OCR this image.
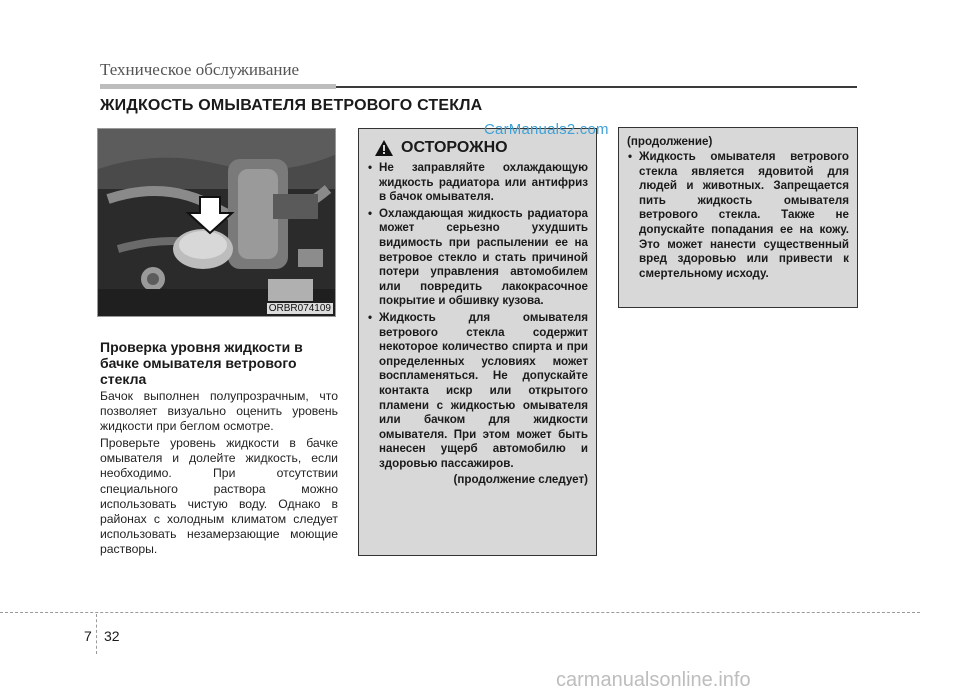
Техническое обслуживание
ЖИДКОСТЬ ОМЫВАТЕЛЯ ВЕТРОВОГО СТЕКЛА
ORBR074109
Проверка уровня жидкости в бачке омывателя ветрового стекла
Бачок выполнен полупрозрачным, что позволяет визуально оценить уровень жидкости при беглом осмотре.
Проверьте уровень жидкости в бачке омывателя и долейте жидкость, если необходимо. При отсутствии специального раствора можно использовать чистую воду. Однако в районах с холодным климатом следует использовать незамерзающие моющие растворы.
ОСТОРОЖНО
• Не заправляйте охлаждающую жидкость радиатора или антифриз в бачок омывателя.
• Охлаждающая жидкость радиатора может серьезно ухудшить видимость при распылении ее на ветровое стекло и стать причиной потери управления автомобилем или повредить лакокрасочное покрытие и обшивку кузова.
• Жидкость для омывателя ветрового стекла содержит некоторое количество спирта и при определенных условиях может воспламеняться. Не допускайте контакта искр или открытого пламени с жидкостью омывателя или бачком для жидкости омывателя. При этом может быть нанесен ущерб автомобилю и здоровью пассажиров.
(продолжение следует)
(продолжение)
• Жидкость омывателя ветрового стекла является ядовитой для людей и животных. Запрещается пить жидкость омывателя ветрового стекла. Также не допускайте попадания ее на кожу. Это может нанести существенный вред здоровью или привести к смертельному исходу.
CarManuals2.com
7 32
carmanualsonline.info
